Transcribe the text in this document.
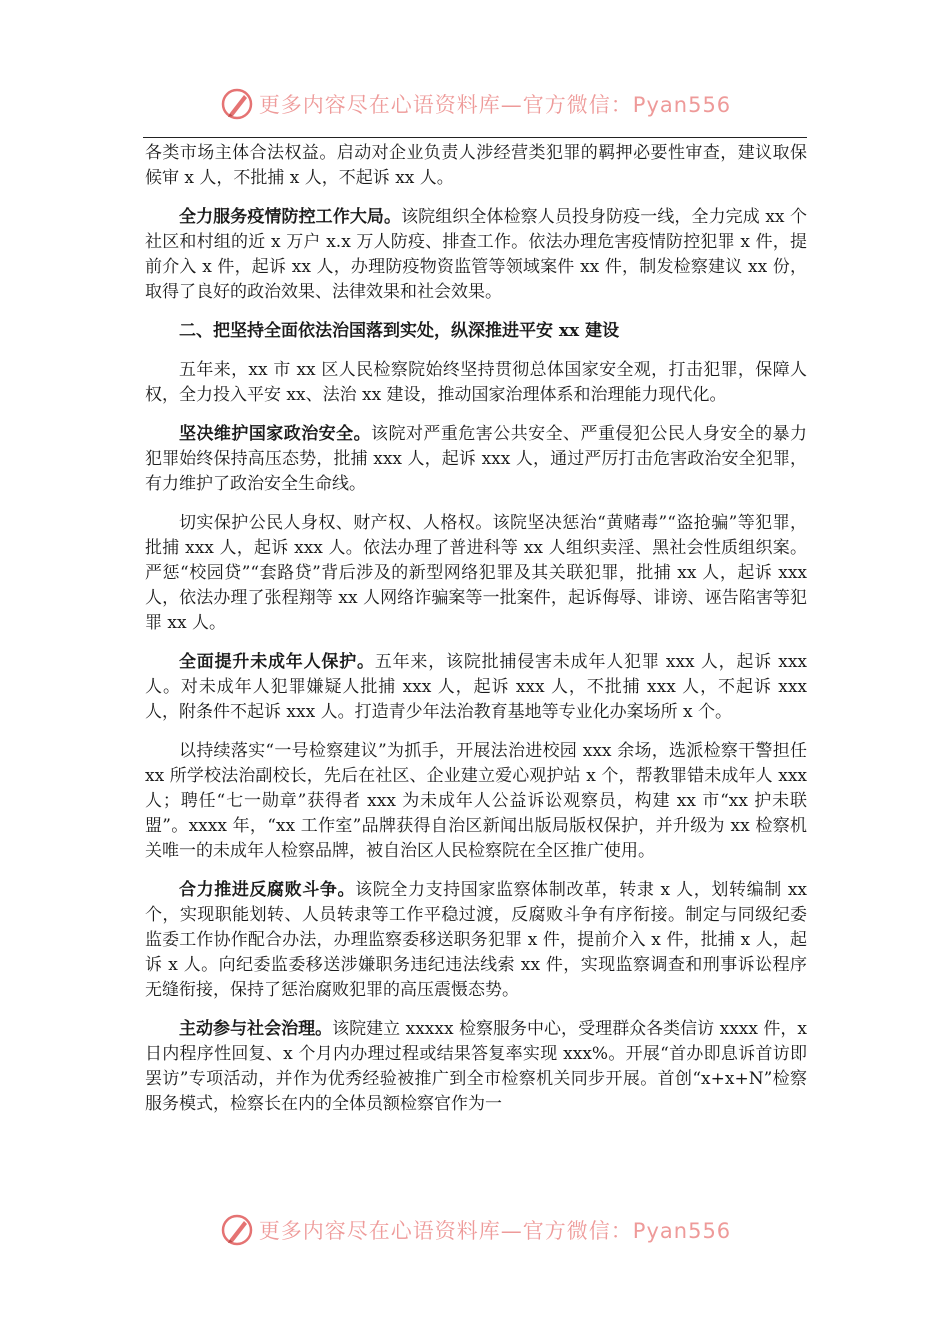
更多内容尽在心语资料库—官方微信：Pyan556

各类市场主体合法权益。启动对企业负责人涉经营类犯罪的羁押必要性审查，建议取保候审 x 人，不批捕 x 人，不起诉 xx 人。

全力服务疫情防控工作大局。该院组织全体检察人员投身防疫一线，全力完成 xx 个社区和村组的近 x 万户 x.x 万人防疫、排查工作。依法办理危害疫情防控犯罪 x 件，提前介入 x 件，起诉 xx 人，办理防疫物资监管等领域案件 xx 件，制发检察建议 xx 份，取得了良好的政治效果、法律效果和社会效果。

二、把坚持全面依法治国落到实处，纵深推进平安 xx 建设

五年来，xx 市 xx 区人民检察院始终坚持贯彻总体国家安全观，打击犯罪，保障人权，全力投入平安 xx、法治 xx 建设，推动国家治理体系和治理能力现代化。

坚决维护国家政治安全。该院对严重危害公共安全、严重侵犯公民人身安全的暴力犯罪始终保持高压态势，批捕 xxx 人，起诉 xxx 人，通过严厉打击危害政治安全犯罪，有力维护了政治安全生命线。

切实保护公民人身权、财产权、人格权。该院坚决惩治“黄赌毒”“盗抢骗”等犯罪，批捕 xxx 人，起诉 xxx 人。依法办理了普进科等 xx 人组织卖淫、黑社会性质组织案。严惩“校园贷”“套路贷”背后涉及的新型网络犯罪及其关联犯罪，批捕 xx 人，起诉 xxx 人，依法办理了张程翔等 xx 人网络诈骗案等一批案件，起诉侮辱、诽谤、诬告陷害等犯罪 xx 人。

全面提升未成年人保护。五年来，该院批捕侵害未成年人犯罪 xxx 人，起诉 xxx 人。对未成年人犯罪嫌疑人批捕 xxx 人，起诉 xxx 人，不批捕 xxx 人，不起诉 xxx 人，附条件不起诉 xxx 人。打造青少年法治教育基地等专业化办案场所 x 个。

以持续落实“一号检察建议”为抓手，开展法治进校园 xxx 余场，选派检察干警担任 xx 所学校法治副校长，先后在社区、企业建立爱心观护站 x 个，帮教罪错未成年人 xxx 人；聘任“七一勋章”获得者 xxx 为未成年人公益诉讼观察员，构建 xx 市“xx 护未联盟”。xxxx 年，“xx 工作室”品牌获得自治区新闻出版局版权保护，并升级为 xx 检察机关唯一的未成年人检察品牌，被自治区人民检察院在全区推广使用。

合力推进反腐败斗争。该院全力支持国家监察体制改革，转隶 x 人，划转编制 xx 个，实现职能划转、人员转隶等工作平稳过渡，反腐败斗争有序衔接。制定与同级纪委监委工作协作配合办法，办理监察委移送职务犯罪 x 件，提前介入 x 件，批捕 x 人，起诉 x 人。向纪委监委移送涉嫌职务违纪违法线索 xx 件，实现监察调查和刑事诉讼程序无缝衔接，保持了惩治腐败犯罪的高压震慑态势。

主动参与社会治理。该院建立 xxxxx 检察服务中心，受理群众各类信访 xxxx 件，x 日内程序性回复、x 个月内办理过程或结果答复率实现 xxx%。开展“首办即息诉首访即罢访”专项活动，并作为优秀经验被推广到全市检察机关同步开展。首创“x+x+N”检察服务模式，检察长在内的全体员额检察官作为一

更多内容尽在心语资料库—官方微信：Pyan556
